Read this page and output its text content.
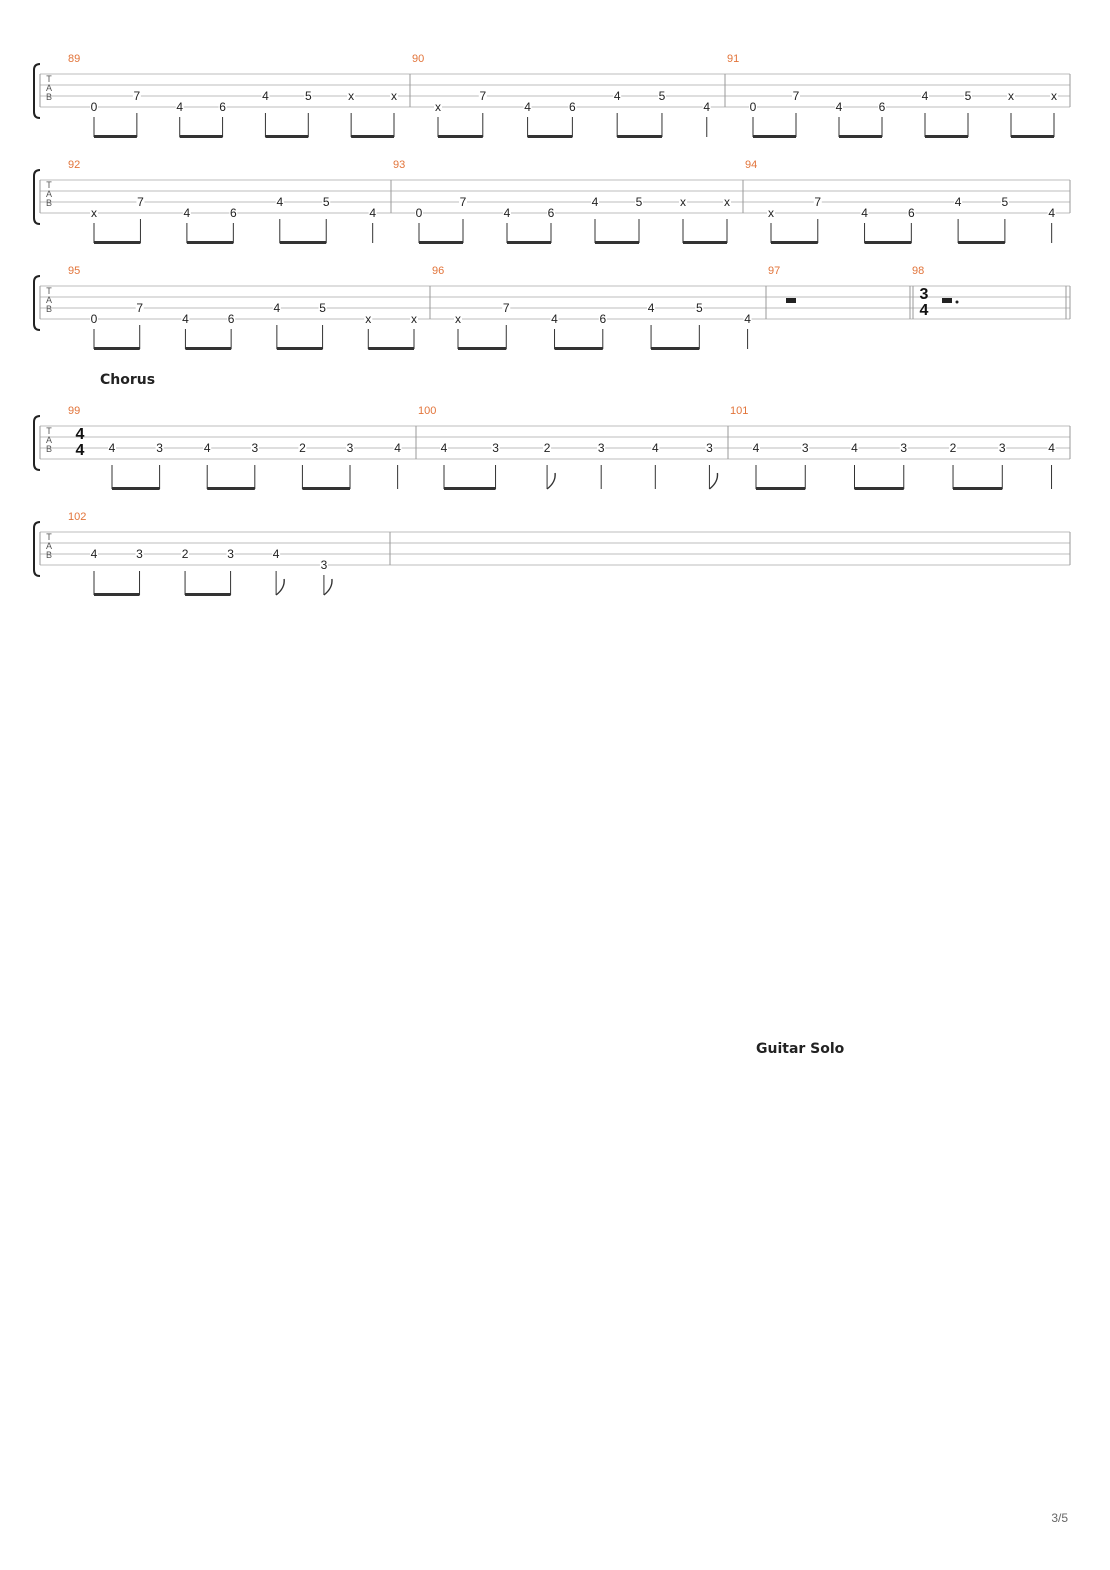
T
A
B
89
0
7
4	6
4	5	x	x
90
x
7
4	6
4	5
4
91
0
7
4	6
4	5	x	x
T
A
B
92
x
7
4	6
4	5
4
93
0
7
4	6
4	5	x	x
94
x
7
4	6
4	5
4
T
A
B
95
0
7
4	6
4	5
x	x
96
x
7
4	6
4	5
4
97	98
3
4
T
A
B
99
4
4 4	3	4	3	2	3	4
100
4	3	2	3	4	3
101
4	3	4	3	2	3	4
T
A
B
102
4	3	2	3	4
3
Chorus
Guitar Solo
3/5
